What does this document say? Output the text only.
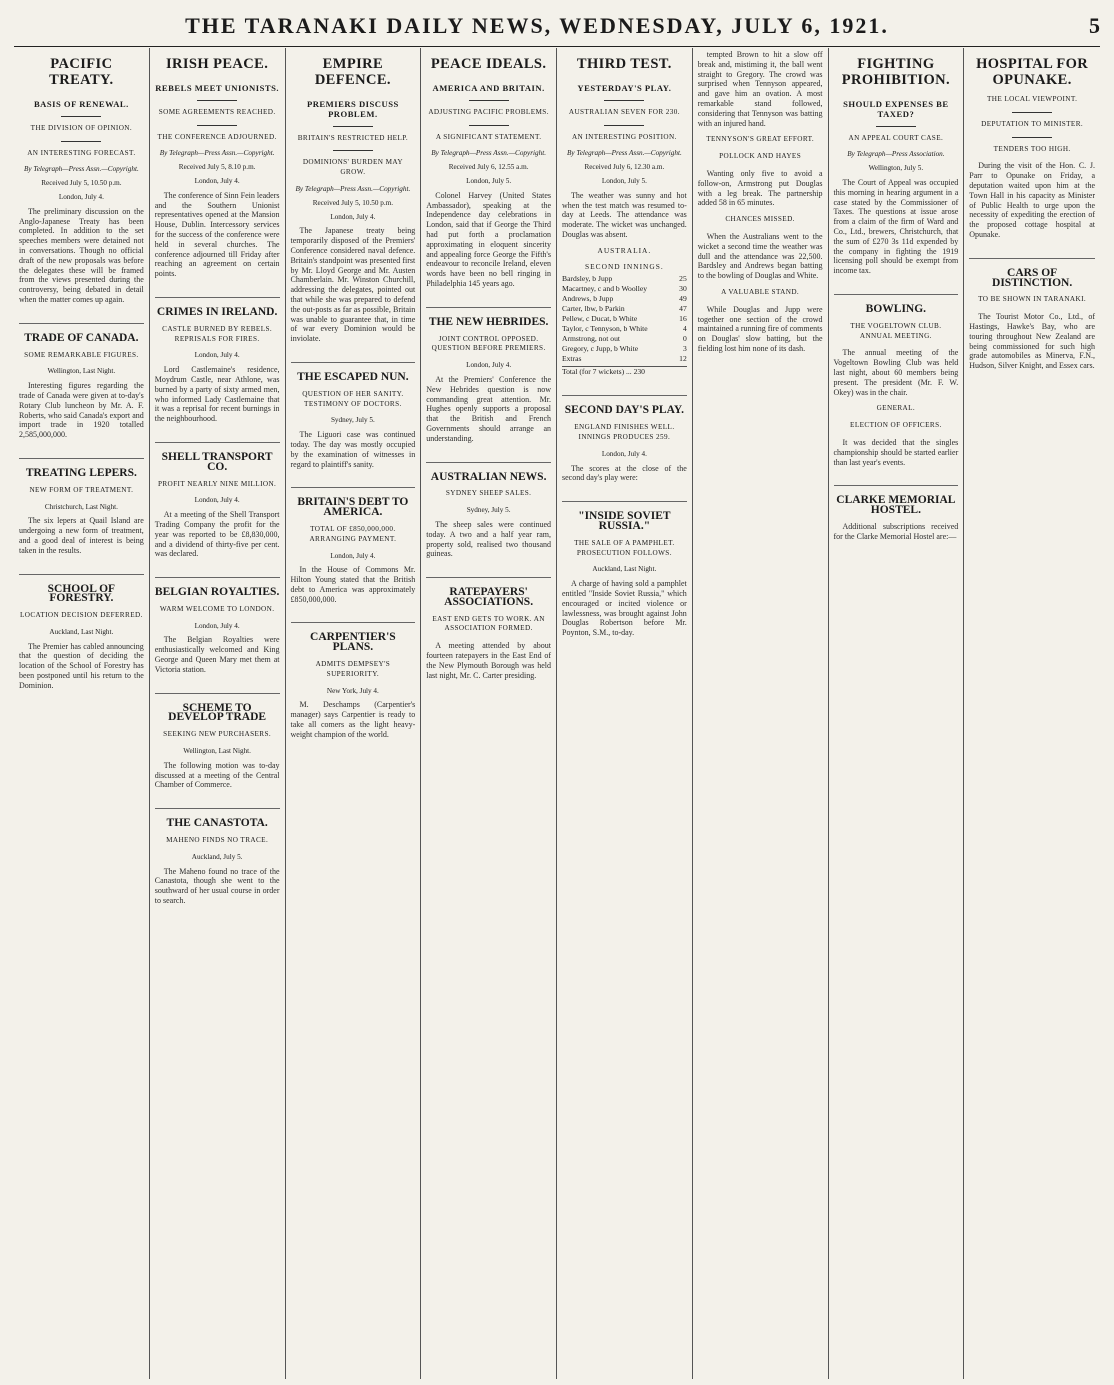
THE TARANAKI DAILY NEWS, WEDNESDAY, JULY 6, 1921.	5
PACIFIC TREATY.
BASIS OF RENEWAL.
THE DIVISION OF OPINION.
AN INTERESTING FORECAST.
By Telegraph—Press Assn.—Copyright.
Received July 5, 10.50 p.m.
London, July 4.

The preliminary discussion on the Anglo-Japanese Treaty has been completed. In addition to the set speeches members were detained not in conversations. Though no official draft of the new proposals was before the delegates these will be framed from the views presented during the controversy, being debated in detail when the matter comes up again.

TRADE OF CANADA.
SOME REMARKABLE FIGURES.
Wellington, Last Night.

Interesting figures regarding the trade of Canada were given at to-day's Rotary Club luncheon by Mr. A. F. Roberts, who said Canada's export and import trade in 1920 totalled 2,585,000,000.

TREATING LEPERS.
NEW FORM OF TREATMENT.
Christchurch, Last Night.

The six lepers at Quail Island are undergoing a new form of treatment, and a good deal of interest is being taken in the results.

SCHOOL OF FORESTRY.
LOCATION DECISION DEFERRED.
Auckland, Last Night.

The Premier has cabled announcing that the question of deciding the location of the School of Forestry has been postponed until his return to the Dominion.

IRISH PEACE.
REBELS MEET UNIONISTS.
SOME AGREEMENTS REACHED.
THE CONFERENCE ADJOURNED.
By Telegraph—Press Assn.—Copyright.
Received July 5, 8.10 p.m.
London, July 4.

The conference of Sinn Fein leaders and the Southern Unionist representatives opened at the Mansion House, Dublin. Intercessory services for the success of the conference were held in several churches. The conference adjourned till Friday after reaching an agreement on certain points.

CRIMES IN IRELAND.
CASTLE BURNED BY REBELS. REPRISALS FOR FIRES.
London, July 4.

Lord Castlemaine's residence, Moydrum Castle, near Athlone, was burned by a party of sixty armed men, who informed Lady Castlemaine that it was a reprisal for recent burnings in the neighbourhood.

SHELL TRANSPORT CO.
PROFIT NEARLY NINE MILLION.
London, July 4.

At a meeting of the Shell Transport Trading Company the profit for the year was reported to be £8,830,000, and a dividend of thirty-five per cent. was declared.

BELGIAN ROYALTIES.
WARM WELCOME TO LONDON.
London, July 4.

The Belgian Royalties were enthusiastically welcomed and King George and Queen Mary met them at Victoria station.

SCHEME TO DEVELOP TRADE
SEEKING NEW PURCHASERS.
Wellington, Last Night.

The following motion was to-day discussed at a meeting of the Central Chamber of Commerce.

THE CANASTOTA.
MAHENO FINDS NO TRACE.
Auckland, July 5.

The Maheno found no trace of the Canastota, though she went to the southward of her usual course in order to search.

EMPIRE DEFENCE.
PREMIERS DISCUSS PROBLEM.
BRITAIN'S RESTRICTED HELP.
DOMINIONS' BURDEN MAY GROW.
By Telegraph—Press Assn.—Copyright.
Received July 5, 10.50 p.m.
London, July 4.

The Japanese treaty being temporarily disposed of the Premiers' Conference considered naval defence. Britain's standpoint was presented first by Mr. Lloyd George and Mr. Austen Chamberlain. Mr. Winston Churchill, addressing the delegates, pointed out that while she was prepared to defend the out-posts as far as possible, Britain was unable to guarantee that, in time of war every Dominion would be inviolate.

THE ESCAPED NUN.
QUESTION OF HER SANITY. TESTIMONY OF DOCTORS.
Sydney, July 5.

The Liguori case was continued today. The day was mostly occupied by the examination of witnesses in regard to plaintiff's sanity.

BRITAIN'S DEBT TO AMERICA.
TOTAL OF £850,000,000. ARRANGING PAYMENT.
London, July 4.

In the House of Commons Mr. Hilton Young stated that the British debt to America was approximately £850,000,000.

CARPENTIER'S PLANS.
ADMITS DEMPSEY'S SUPERIORITY.
New York, July 4.

M. Deschamps (Carpentier's manager) says Carpentier is ready to take all comers as the light heavy-weight champion of the world.

PEACE IDEALS.
AMERICA AND BRITAIN.
ADJUSTING PACIFIC PROBLEMS.
A SIGNIFICANT STATEMENT.
By Telegraph—Press Assn.—Copyright.
Received July 6, 12.55 a.m.
London, July 5.

Colonel Harvey (United States Ambassador), speaking at the Independence day celebrations in London, said that if George the Third had put forth a proclamation approximating in eloquent sincerity and appealing force George the Fifth's endeavour to reconcile Ireland, eleven words have been no bell ringing in Philadelphia 145 years ago.

THE NEW HEBRIDES.
JOINT CONTROL OPPOSED. QUESTION BEFORE PREMIERS.
London, July 4.

At the Premiers' Conference the New Hebrides question is now commanding great attention. Mr. Hughes openly supports a proposal that the British and French Governments should arrange an understanding.

AUSTRALIAN NEWS.
SYDNEY SHEEP SALES.
Sydney, July 5.

The sheep sales were continued today. A two and a half year ram, property sold, realised two thousand guineas.

RATEPAYERS' ASSOCIATIONS.
EAST END GETS TO WORK. AN ASSOCIATION FORMED.

A meeting attended by about fourteen ratepayers in the East End of the New Plymouth Borough was held last night, Mr. C. Carter presiding.

THIRD TEST.
YESTERDAY'S PLAY.
AUSTRALIAN SEVEN FOR 230.
AN INTERESTING POSITION.
By Telegraph—Press Assn.—Copyright.
Received July 6, 12.30 a.m.
London, July 5.

The weather was sunny and hot when the test match was resumed to-day at Leeds. The attendance was moderate. The wicket was unchanged. Douglas was absent.

AUSTRALIA.
SECOND INNINGS.
Bardsley, b Jupp	25
Macartney, c and b Woolley	30
Andrews, b Jupp	49
Carter, lbw, b Parkin	47
Pellew, c Ducat, b White	16
Taylor, c Tennyson, b White	4
Armstrong, not out	0
Gregory, c Jupp, b White	3
Extras	12
Total (for 7 wickets) ... 230
SECOND DAY'S PLAY.
ENGLAND FINISHES WELL. INNINGS PRODUCES 259.
London, July 4.

The scores at the close of the second day's play were:

"INSIDE SOVIET RUSSIA."
THE SALE OF A PAMPHLET. PROSECUTION FOLLOWS.
Auckland, Last Night.

A charge of having sold a pamphlet entitled "Inside Soviet Russia," which encouraged or incited violence or lawlessness, was brought against John Douglas Robertson before Mr. Poynton, S.M., to-day.

tempted Brown to hit a slow off break and, mistiming it, the ball went straight to Gregory. The crowd was surprised when Tennyson appeared, and gave him an ovation. A most remarkable stand followed, considering that Tennyson was batting with an injured hand.

TENNYSON'S GREAT EFFORT.
POLLOCK AND HAYES

Wanting only five to avoid a follow-on, Armstrong put Douglas with a leg break. The partnership added 58 in 65 minutes.

CHANCES MISSED.

When the Australians went to the wicket a second time the weather was dull and the attendance was 22,500. Bardsley and Andrews began batting to the bowling of Douglas and White.

A VALUABLE STAND.

While Douglas and Jupp were together one section of the crowd maintained a running fire of comments on Douglas' slow batting, but the fielding lost him none of its dash.

FIGHTING PROHIBITION.
SHOULD EXPENSES BE TAXED?
AN APPEAL COURT CASE.
By Telegraph—Press Association.
Wellington, July 5.

The Court of Appeal was occupied this morning in hearing argument in a case stated by the Commissioner of Taxes. The questions at issue arose from a claim of the firm of Ward and Co., Ltd., brewers, Christchurch, that the sum of £270 3s 11d expended by the company in fighting the 1919 licensing poll should be exempt from income tax.

BOWLING.
THE VOGELTOWN CLUB. ANNUAL MEETING.

The annual meeting of the Vogeltown Bowling Club was held last night, about 60 members being present. The president (Mr. F. W. Okey) was in the chair.

GENERAL.
ELECTION OF OFFICERS.

It was decided that the singles championship should be started earlier than last year's events.

CLARKE MEMORIAL HOSTEL.

Additional subscriptions received for the Clarke Memorial Hostel are:—

HOSPITAL FOR OPUNAKE.
THE LOCAL VIEWPOINT.
DEPUTATION TO MINISTER.
TENDERS TOO HIGH.

During the visit of the Hon. C. J. Parr to Opunake on Friday, a deputation waited upon him at the Town Hall in his capacity as Minister of Public Health to urge upon the necessity of expediting the erection of the proposed cottage hospital at Opunake.

CARS OF DISTINCTION.
TO BE SHOWN IN TARANAKI.

The Tourist Motor Co., Ltd., of Hastings, Hawke's Bay, who are touring throughout New Zealand are being commissioned for such high grade automobiles as Minerva, F.N., Hudson, Silver Knight, and Essex cars.
